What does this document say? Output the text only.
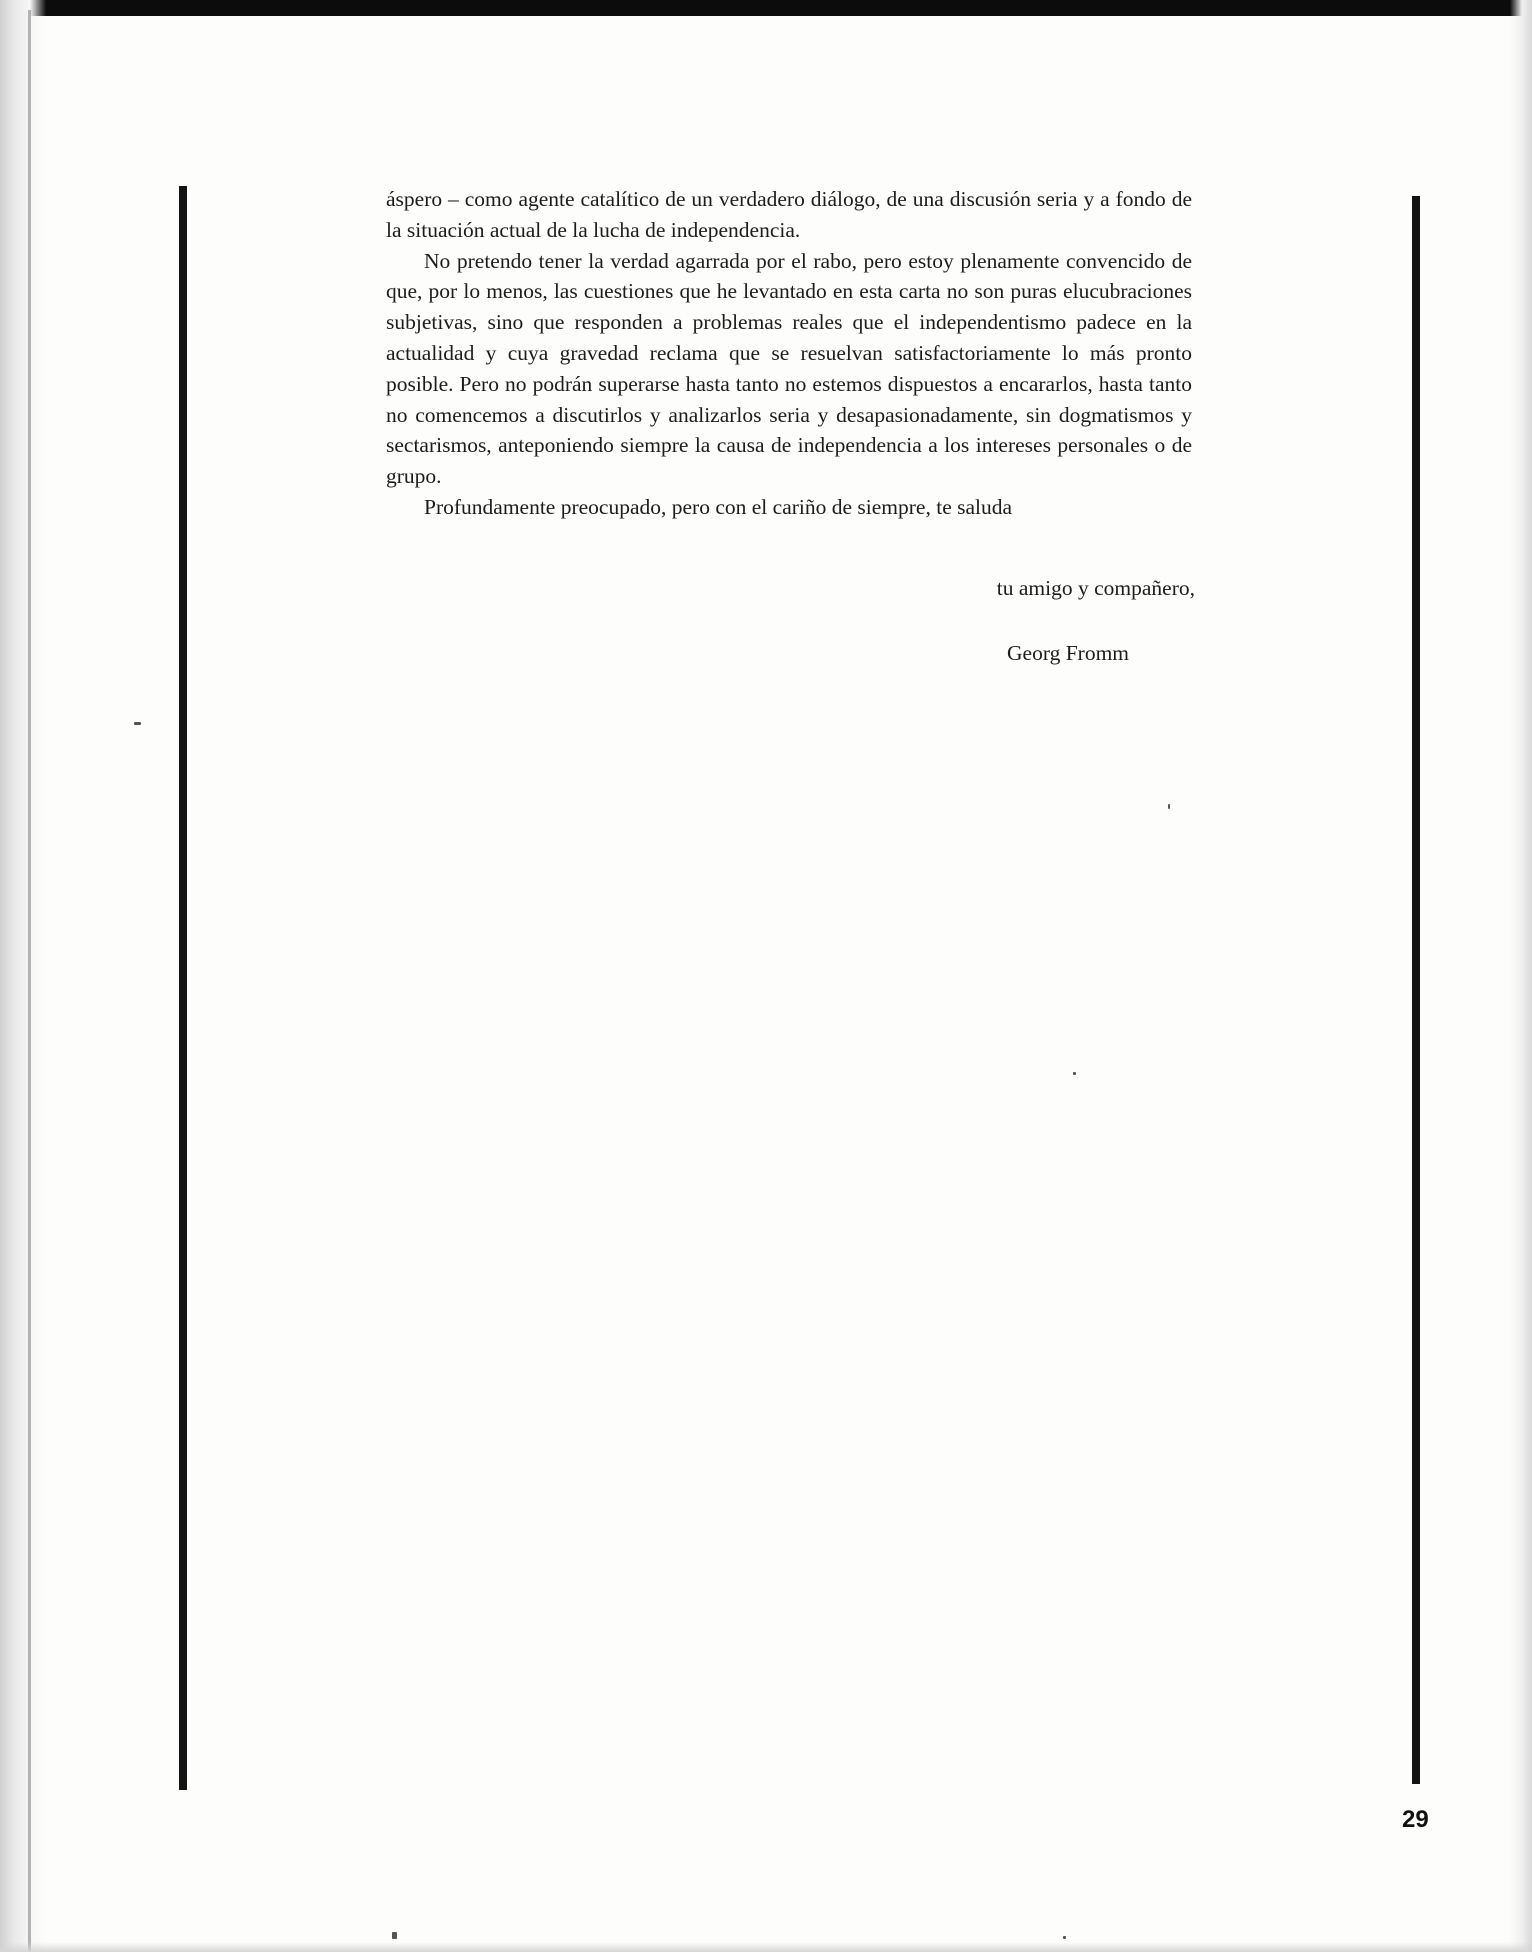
áspero – como agente catalítico de un verdadero diálogo, de una discusión seria y a fondo de la situación actual de la lucha de independencia.

No pretendo tener la verdad agarrada por el rabo, pero estoy plenamente convencido de que, por lo menos, las cuestiones que he levantado en esta carta no son puras elucubraciones subjetivas, sino que responden a problemas reales que el independentismo padece en la actualidad y cuya gravedad reclama que se resuelvan satisfactoriamente lo más pronto posible. Pero no podrán superarse hasta tanto no estemos dispuestos a encararlos, hasta tanto no comencemos a discutirlos y analizarlos seria y desapasionadamente, sin dogmatismos y sectarismos, anteponiendo siempre la causa de independencia a los intereses personales o de grupo.

Profundamente preocupado, pero con el cariño de siempre, te saluda

tu amigo y compañero,
Georg Fromm
29
